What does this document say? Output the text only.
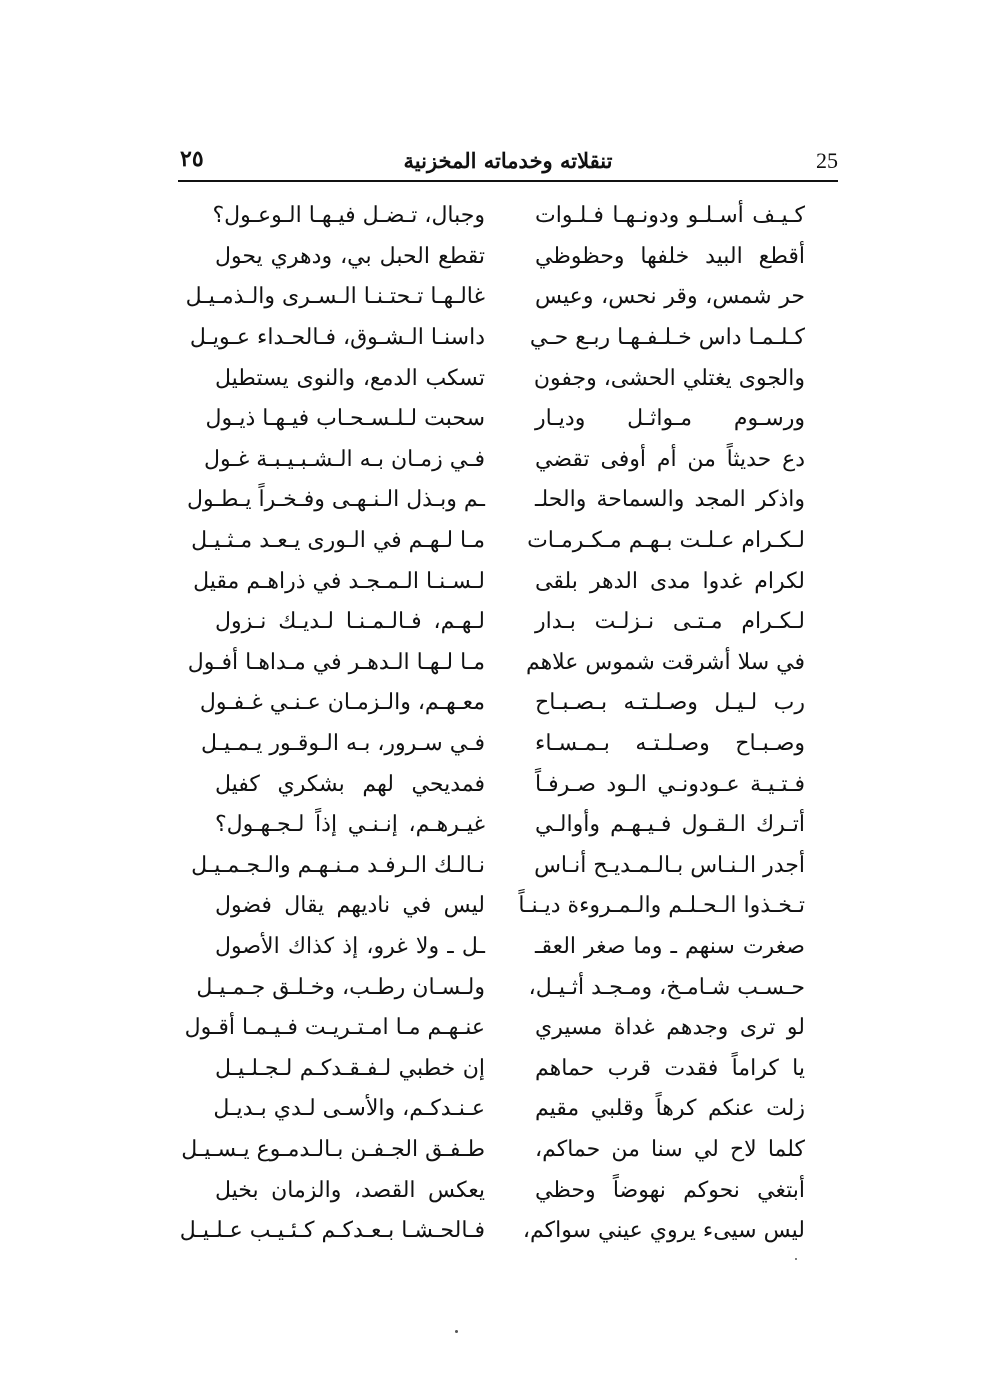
25
تنقلاته وخدماته المخزنية
٢٥
كـيـف أسـلـو ودونـهـا فـلـوات
وجبال، تـضـل فيـهـا الـوعـول؟
أقطع البيد خلفها وحظوظي
تقطع الحبل بي، ودهري يحول
حر شمس، وقر نحس، وعيس
غالـهـا تـحتـنـا الـسـرى والـذمـيـل
كـلـمـا داس خـلـفـهـا ربـع حـي
داسنـا الـشـوق، فـالحـداء عـويـل
والجوى يغتلي الحشى، وجفون
تسكب الدمع، والنوى يستطيل
ورسـوم مـواثـل وديـار
سحبت لـلـسـحـاب فيـهـا ذيـول
دع حديثاً من أم أوفى تقضي
فـي زمـان بـه الـشـبـيـبـة غـول
واذكر المجد والسماحة والحلـ
ـم وبـذل الـنـهـى وفـخـراً يـطـول
لـكـرام عـلـت بـهـم مـكـرمـات
مـا لـهـم في الـورى يـعـد مـثـيـل
لكرام غدوا مدى الدهر بلقى
لـسـنـا الـمـجـد في ذراهـم مقيل
لـكـرام مـتـى نـزلـت بـدار
لـهـم، فـالـمـنـا لـديـك نـزول
في سلا أشرقت شموس علاهم
مـا لـهـا الـدهـر في مـداهـا أفـول
رب لـيـل وصـلـتـه بـصـبـاح
معـهـم، والـزمـان عـنـي غـفـول
وصـبـاح وصـلـتـه بـمـسـاء
فـي سـرور، بـه الـوقـور يـمـيـل
فـتـيـة عـودونـي الـود صـرفـاً
فمديحي لهم بشكري كفيل
أتـرك الـقـول فـيـهـم وأوالـي
غيـرهـم، إنـنـي إذاً لـجـهـول؟
أجدر الـنـاس بـالـمـديـح أنـاس
نـالـك الـرفـد مـنـهـم والـجـمـيـل
تـخـذوا الـحـلـم والـمـروءة ديـنـاً
ليس في ناديهم يقال فضول
صغرت سنهم ـ وما صغر العقـ
ـل ـ ولا غرو، إذ كذاك الأصول
حـسـب شـامـخ، ومـجـد أثـيـل،
ولـسـان رطـب، وخـلـق جـمـيـل
لو ترى وجدهم غداة مسيري
عنـهـم مـا امـتـريـت فـيـمـا أقـول
يا كراماً فقدت قرب حماهم
إن خطبي لـفـقـدكـم لـجـلـيـل
زلت عنكم كرهاً وقلبي مقيم
عـنـدكـم، والأسـى لـدي بـديـل
كلما لاح لي سنا من حماكم،
طـفـق الجـفـن بـالـدمـوع يـسـيـل
أبتغي نحوكم نهوضاً وحظي
يعكس القصد، والزمان بخيل
ليس سيىء يروي عيني سواكم،
فـالحـشـا بـعـدكـم كـئـيـب عـلـيـل
